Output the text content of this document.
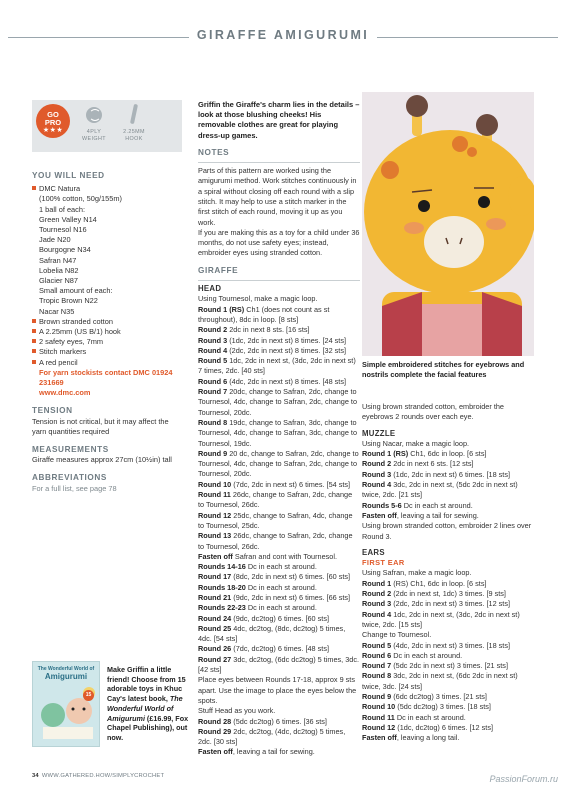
GIRAFFE AMIGURUMI
GO
PRO
★★★	4PLY
WEIGHT
2.25MM
HOOK
YOU WILL NEED
DMC Natura
(100% cotton, 50g/155m)
1 ball of each:
Green Valley N14
Tournesol N16
Jade N20
Bourgogne N34
Safran N47
Lobelia N82
Glacier N87
Small amount of each:
Tropic Brown N22
Nacar N35
Brown stranded cotton
A 2.25mm (US B/1) hook
2 safety eyes, 7mm
Stitch markers
A red pencil
For yarn stockists contact DMC 01924 231669
www.dmc.com
TENSION
Tension is not critical, but it may affect the yarn quantities required
MEASUREMENTS
Giraffe measures approx 27cm (10½in) tall
ABBREVIATIONS
For a full list, see page 78
Griffin the Giraffe's charm lies in the details – look at those blushing cheeks! His removable clothes are great for playing dress-up games.
NOTES
Parts of this pattern are worked using the amigurumi method. Work stitches continuously in a spiral without closing off each round with a slip stitch. It may help to use a stitch marker in the first stitch of each round, moving it up as you work.
If you are making this as a toy for a child under 36 months, do not use safety eyes; instead, embroider eyes using stranded cotton.
GIRAFFE
HEAD
Using Tournesol, make a magic loop.
Round 1 (RS) Ch1 (does not count as st throughout), 8dc in loop. [8 sts]
Round 2 2dc in next 8 sts. [16 sts]
Round 3 (1dc, 2dc in next st) 8 times. [24 sts]
Round 4 (2dc, 2dc in next st) 8 times. [32 sts]
Round 5 1dc, 2dc in next st, (3dc, 2dc in next st) 7 times, 2dc. [40 sts]
Round 6 (4dc, 2dc in next st) 8 times. [48 sts]
Round 7 20dc, change to Safran, 2dc, change to Tournesol, 4dc, change to Safran, 2dc, change to Tournesol, 20dc.
Round 8 19dc, change to Safran, 3dc, change to Tournesol, 4dc, change to Safran, 3dc, change to Tournesol, 19dc.
Round 9 20 dc, change to Safran, 2dc, change to Tournesol, 4dc, change to Safran, 2dc, change to Tournesol, 20dc.
Round 10 (7dc, 2dc in next st) 6 times. [54 sts]
Round 11 26dc, change to Safran, 2dc, change to Tournesol, 26dc.
Round 12 25dc, change to Safran, 4dc, change to Tournesol, 25dc.
Round 13 26dc, change to Safran, 2dc, change to Tournesol, 26dc.
Fasten off Safran and cont with Tournesol.
Rounds 14-16 Dc in each st around.
Round 17 (8dc, 2dc in next st) 6 times. [60 sts]
Rounds 18-20 Dc in each st around.
Round 21 (9dc, 2dc in next st) 6 times. [66 sts]
Rounds 22-23 Dc in each st around.
Round 24 (9dc, dc2tog) 6 times. [60 sts]
Round 25 4dc, dc2tog, (8dc, dc2tog) 5 times, 4dc. [54 sts]
Round 26 (7dc, dc2tog) 6 times. [48 sts]
Round 27 3dc, dc2tog, (6dc dc2tog) 5 times, 3dc. [42 sts]
Place eyes between Rounds 17-18, approx 9 sts apart. Use the image to place the eyes below the spots.
Stuff Head as you work.
Round 28 (5dc dc2tog) 6 times. [36 sts]
Round 29 2dc, dc2tog, (4dc, dc2tog) 5 times, 2dc. [30 sts]
Fasten off, leaving a tail for sewing.
Simple embroidered stitches for eyebrows and nostrils complete the facial features
Using brown stranded cotton, embroider the eyebrows 2 rounds over each eye.
MUZZLE
Using Nacar, make a magic loop.
Round 1 (RS) Ch1, 6dc in loop. [6 sts]
Round 2 2dc in next 6 sts. [12 sts]
Round 3 (1dc, 2dc in next st) 6 times. [18 sts]
Round 4 3dc, 2dc in next st, (5dc 2dc in next st) twice, 2dc. [21 sts]
Rounds 5-6 Dc in each st around.
Fasten off, leaving a tail for sewing.
Using brown stranded cotton, embroider 2 lines over Round 3.
EARS
FIRST EAR
Using Safran, make a magic loop.
Round 1 (RS) Ch1, 6dc in loop. [6 sts]
Round 2 (2dc in next st, 1dc) 3 times. [9 sts]
Round 3 (2dc, 2dc in next st) 3 times. [12 sts]
Round 4 1dc, 2dc in next st, (3dc, 2dc in next st) twice, 2dc. [15 sts]
Change to Tournesol.
Round 5 (4dc, 2dc in next st) 3 times. [18 sts]
Round 6 Dc in each st around.
Round 7 (5dc 2dc in next st) 3 times. [21 sts]
Round 8 3dc, 2dc in next st, (6dc 2dc in next st) twice, 3dc. [24 sts]
Round 9 (6dc dc2tog) 3 times. [21 sts]
Round 10 (5dc dc2tog) 3 times. [18 sts]
Round 11 Dc in each st around.
Round 12 (1dc, dc2tog) 6 times. [12 sts]
Fasten off, leaving a long tail.
The Wonderful World of
Amigurumi
15
Make Griffin a little friend! Choose from 15 adorable toys in Khuc Cay's latest book, The Wonderful World of Amigurumi (£16.99, Fox Chapel Publishing), out now.
34 WWW.GATHERED.HOW/SIMPLYCROCHET	PassionForum.ru
